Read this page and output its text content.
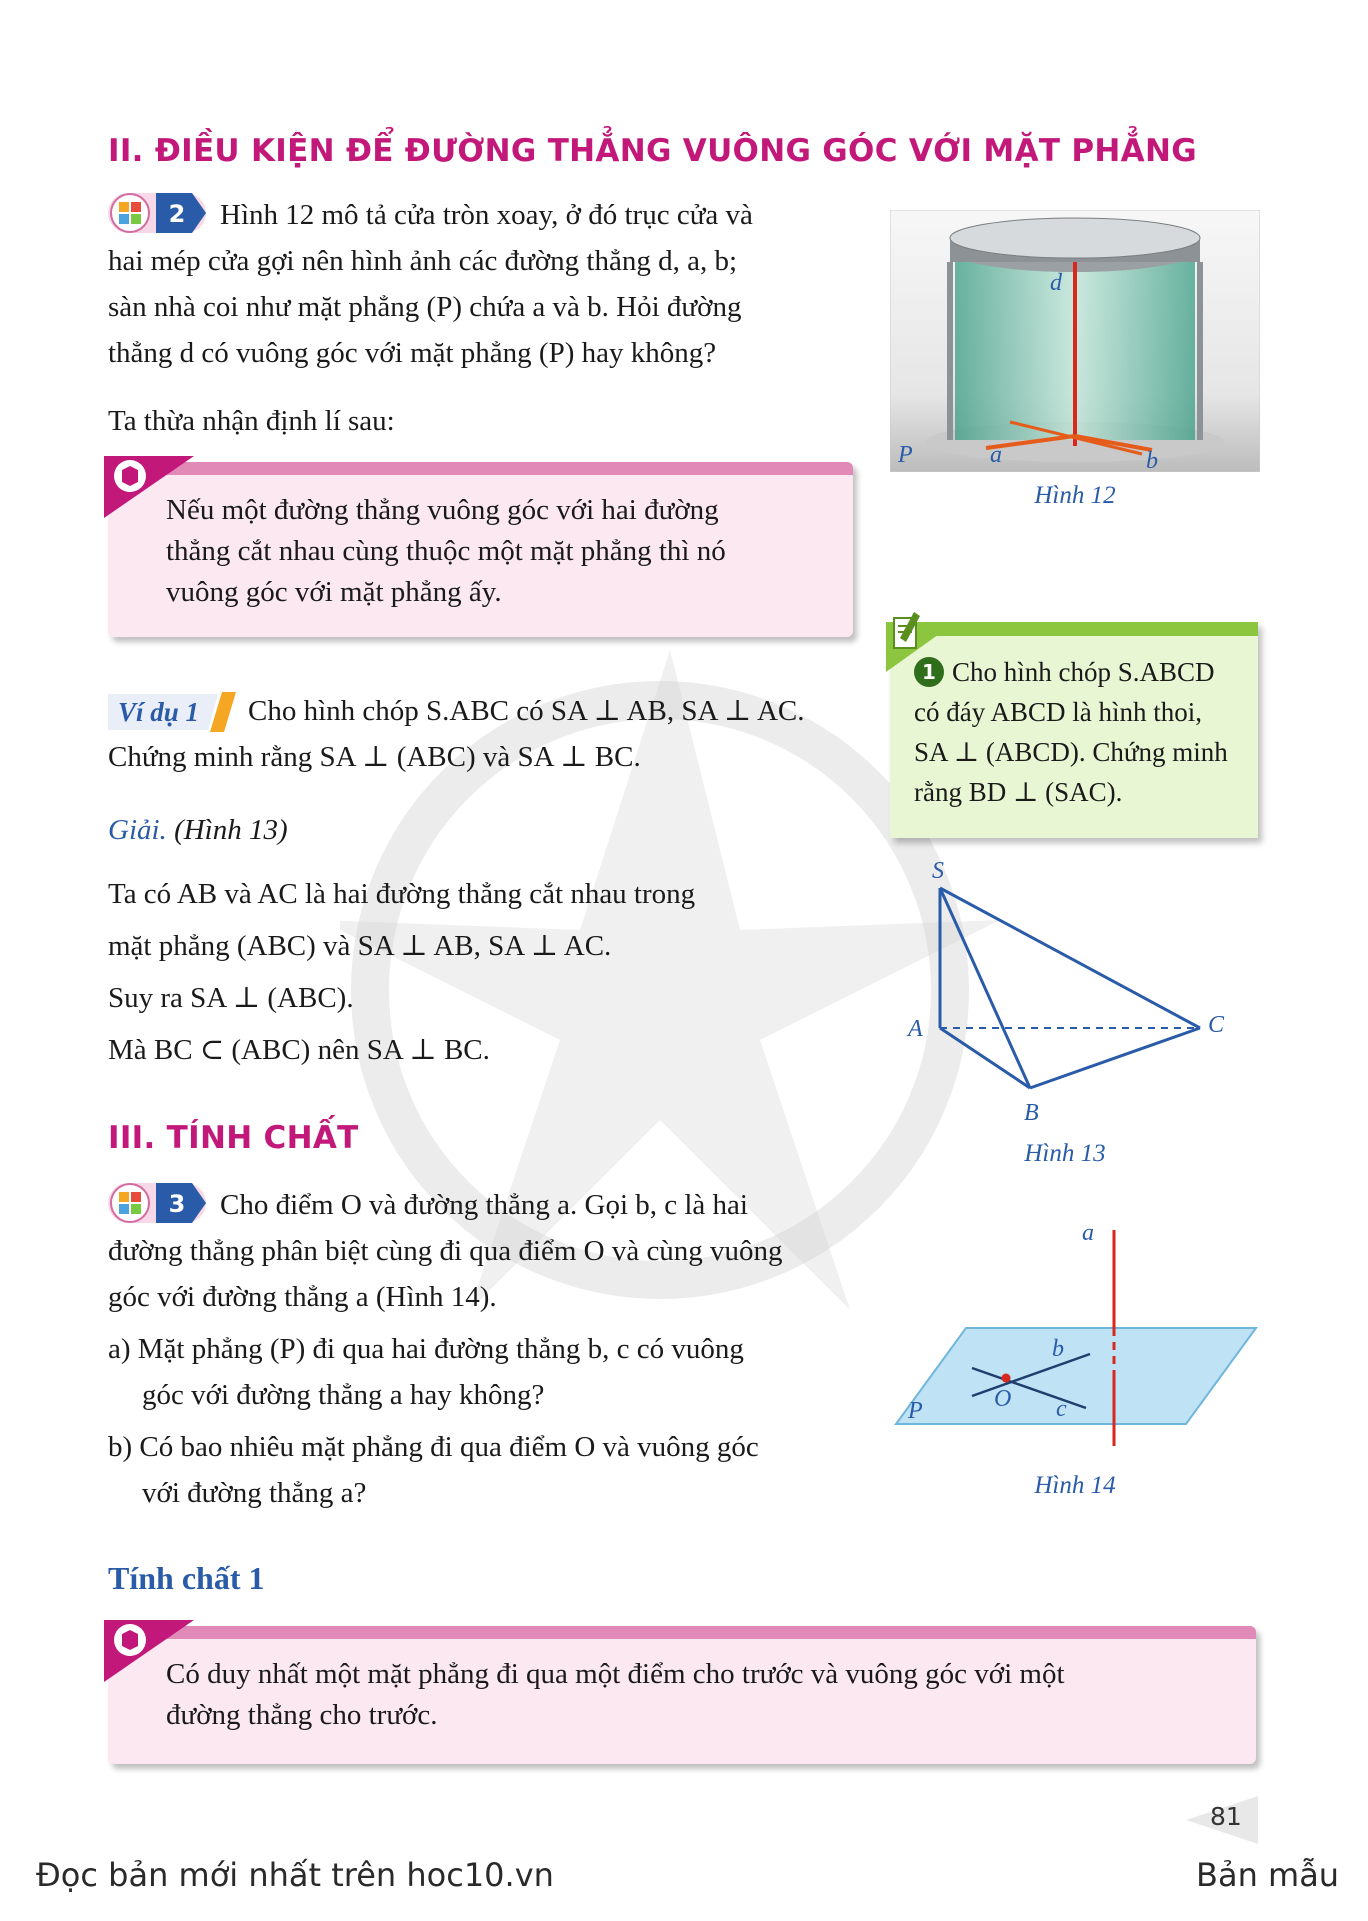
II. ĐIỀU KIỆN ĐỂ ĐƯỜNG THẲNG VUÔNG GÓC VỚI MẶT PHẲNG
2	Hình 12 mô tả cửa tròn xoay, ở đó trục cửa và
hai mép cửa gợi nên hình ảnh các đường thẳng d, a, b;
sàn nhà coi như mặt phẳng (P) chứa a và b. Hỏi đường
thẳng d có vuông góc với mặt phẳng (P) hay không?
Ta thừa nhận định lí sau:
Nếu một đường thẳng vuông góc với hai đường
thẳng cắt nhau cùng thuộc một mặt phẳng thì nó
vuông góc với mặt phẳng ấy.
Ví dụ 1	Cho hình chóp S.ABC có SA ⊥ AB, SA ⊥ AC.
Chứng minh rằng SA ⊥ (ABC) và SA ⊥ BC.
Giải. (Hình 13)
Ta có AB và AC là hai đường thẳng cắt nhau trong
mặt phẳng (ABC) và SA ⊥ AB, SA ⊥ AC.
Suy ra SA ⊥ (ABC).
Mà BC ⊂ (ABC) nên SA ⊥ BC.
d
a	b
P
Hình 12
1 Cho hình chóp S.ABCD
có đáy ABCD là hình thoi,
SA ⊥ (ABCD). Chứng minh
rằng BD ⊥ (SAC).
S
A
B
C
Hình 13
III. TÍNH CHẤT
3	Cho điểm O và đường thẳng a. Gọi b, c là hai
đường thẳng phân biệt cùng đi qua điểm O và cùng vuông
góc với đường thẳng a (Hình 14).
a) Mặt phẳng (P) đi qua hai đường thẳng b, c có vuông
góc với đường thẳng a hay không?
b) Có bao nhiêu mặt phẳng đi qua điểm O và vuông góc
với đường thẳng a?
a
b
c
O
P
Hình 14
Tính chất 1
Có duy nhất một mặt phẳng đi qua một điểm cho trước và vuông góc với một
đường thẳng cho trước.
81
Đọc bản mới nhất trên hoc10.vn	Bản mẫu
